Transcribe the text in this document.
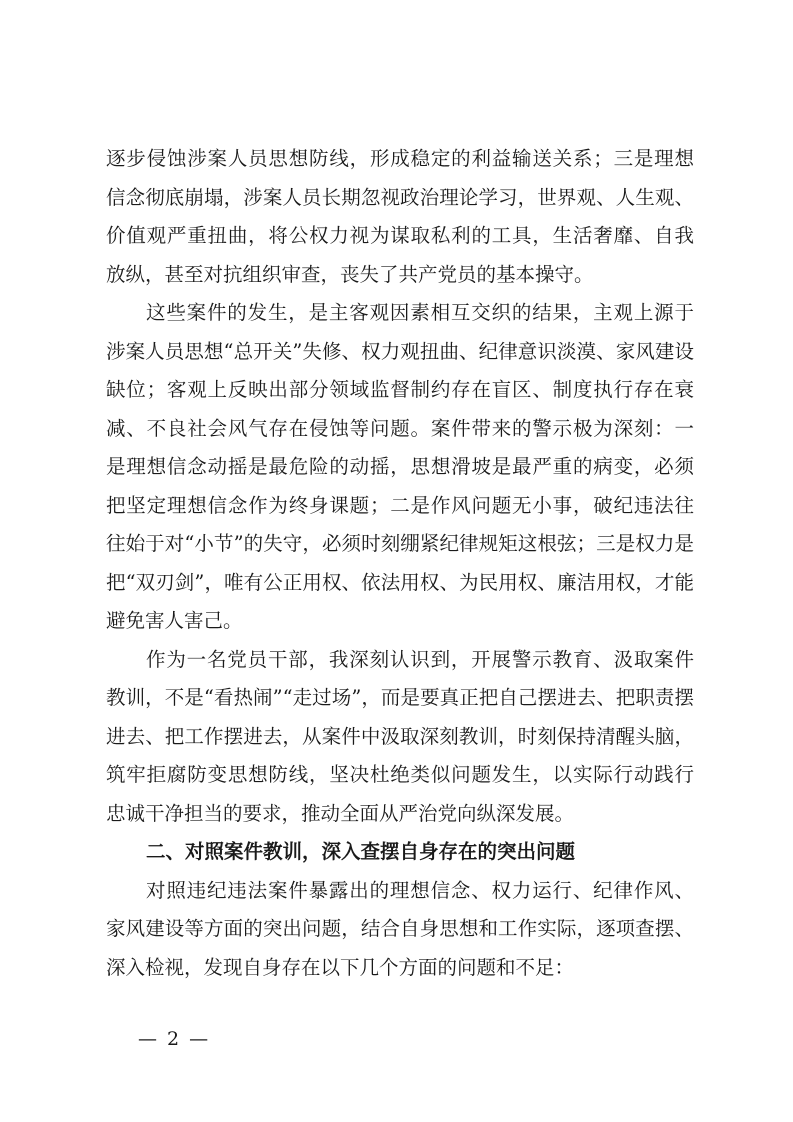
逐步侵蚀涉案人员思想防线，形成稳定的利益输送关系；三是理想
信念彻底崩塌，涉案人员长期忽视政治理论学习，世界观、人生观、
价值观严重扭曲，将公权力视为谋取私利的工具，生活奢靡、自我
放纵，甚至对抗组织审查，丧失了共产党员的基本操守。
这些案件的发生，是主客观因素相互交织的结果，主观上源于
涉案人员思想“总开关”失修、权力观扭曲、纪律意识淡漠、家风建设
缺位；客观上反映出部分领域监督制约存在盲区、制度执行存在衰
减、不良社会风气存在侵蚀等问题。案件带来的警示极为深刻：一
是理想信念动摇是最危险的动摇，思想滑坡是最严重的病变，必须
把坚定理想信念作为终身课题；二是作风问题无小事，破纪违法往
往始于对“小节”的失守，必须时刻绷紧纪律规矩这根弦；三是权力是
把“双刃剑”，唯有公正用权、依法用权、为民用权、廉洁用权，才能
避免害人害己。
作为一名党员干部，我深刻认识到，开展警示教育、汲取案件
教训，不是“看热闹”“走过场”，而是要真正把自己摆进去、把职责摆
进去、把工作摆进去，从案件中汲取深刻教训，时刻保持清醒头脑，
筑牢拒腐防变思想防线，坚决杜绝类似问题发生，以实际行动践行
忠诚干净担当的要求，推动全面从严治党向纵深发展。
二、对照案件教训，深入查摆自身存在的突出问题
对照违纪违法案件暴露出的理想信念、权力运行、纪律作风、
家风建设等方面的突出问题，结合自身思想和工作实际，逐项查摆、
深入检视，发现自身存在以下几个方面的问题和不足：
— 2 —
